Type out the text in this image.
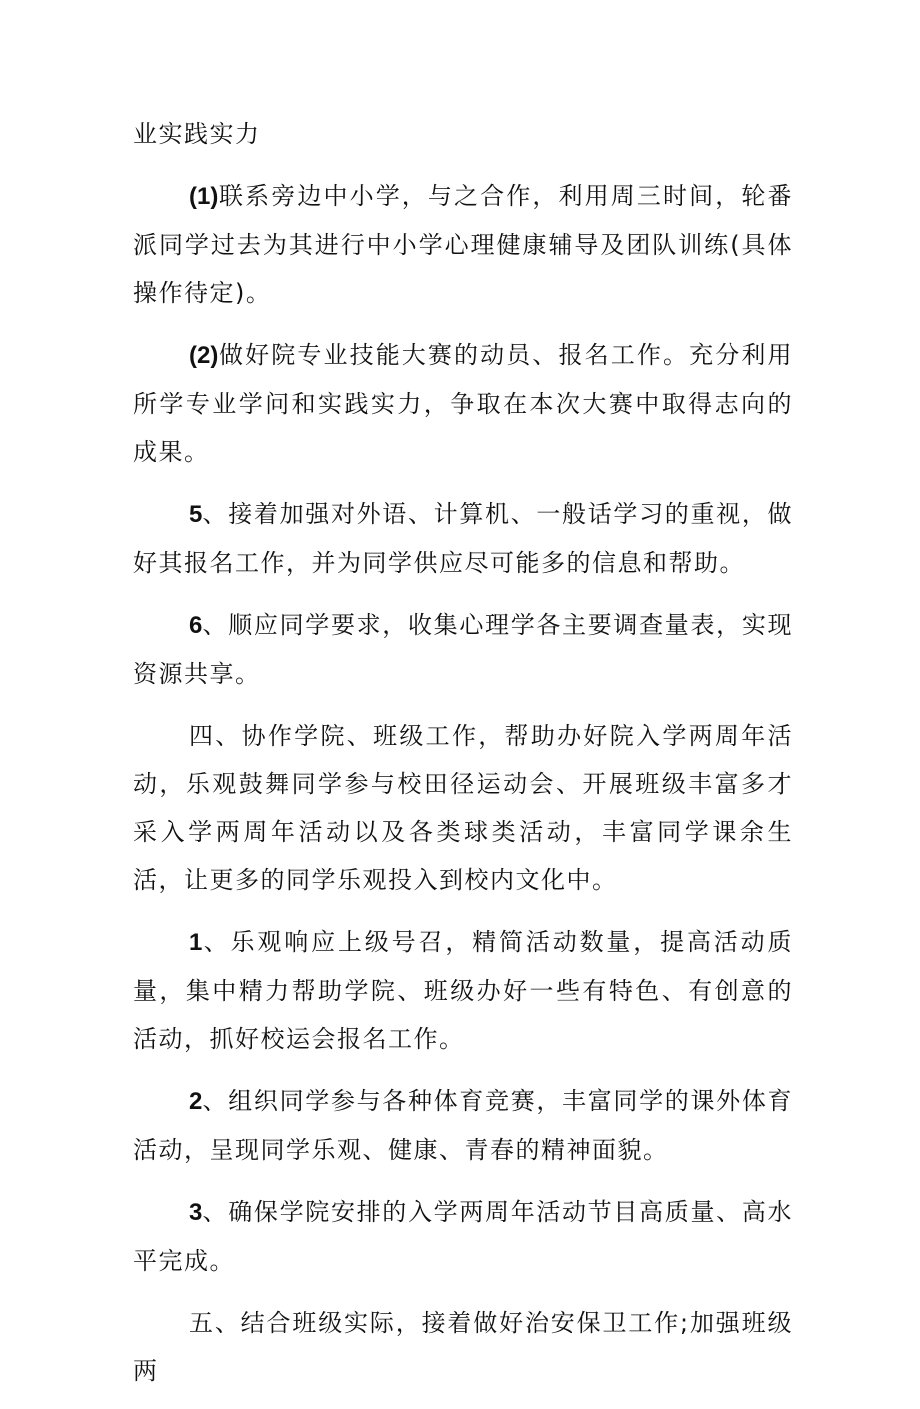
业实践实力

(1)联系旁边中小学，与之合作，利用周三时间，轮番派同学过去为其进行中小学心理健康辅导及团队训练(具体操作待定)。

(2)做好院专业技能大赛的动员、报名工作。充分利用所学专业学问和实践实力，争取在本次大赛中取得志向的成果。

5、接着加强对外语、计算机、一般话学习的重视，做好其报名工作，并为同学供应尽可能多的信息和帮助。

6、顺应同学要求，收集心理学各主要调查量表，实现资源共享。

四、协作学院、班级工作，帮助办好院入学两周年活动，乐观鼓舞同学参与校田径运动会、开展班级丰富多才采入学两周年活动以及各类球类活动，丰富同学课余生活，让更多的同学乐观投入到校内文化中。

1、乐观响应上级号召，精简活动数量，提高活动质量，集中精力帮助学院、班级办好一些有特色、有创意的活动，抓好校运会报名工作。

2、组织同学参与各种体育竞赛，丰富同学的课外体育活动，呈现同学乐观、健康、青春的精神面貌。

3、确保学院安排的入学两周年活动节目高质量、高水平完成。

五、结合班级实际，接着做好治安保卫工作;加强班级两
